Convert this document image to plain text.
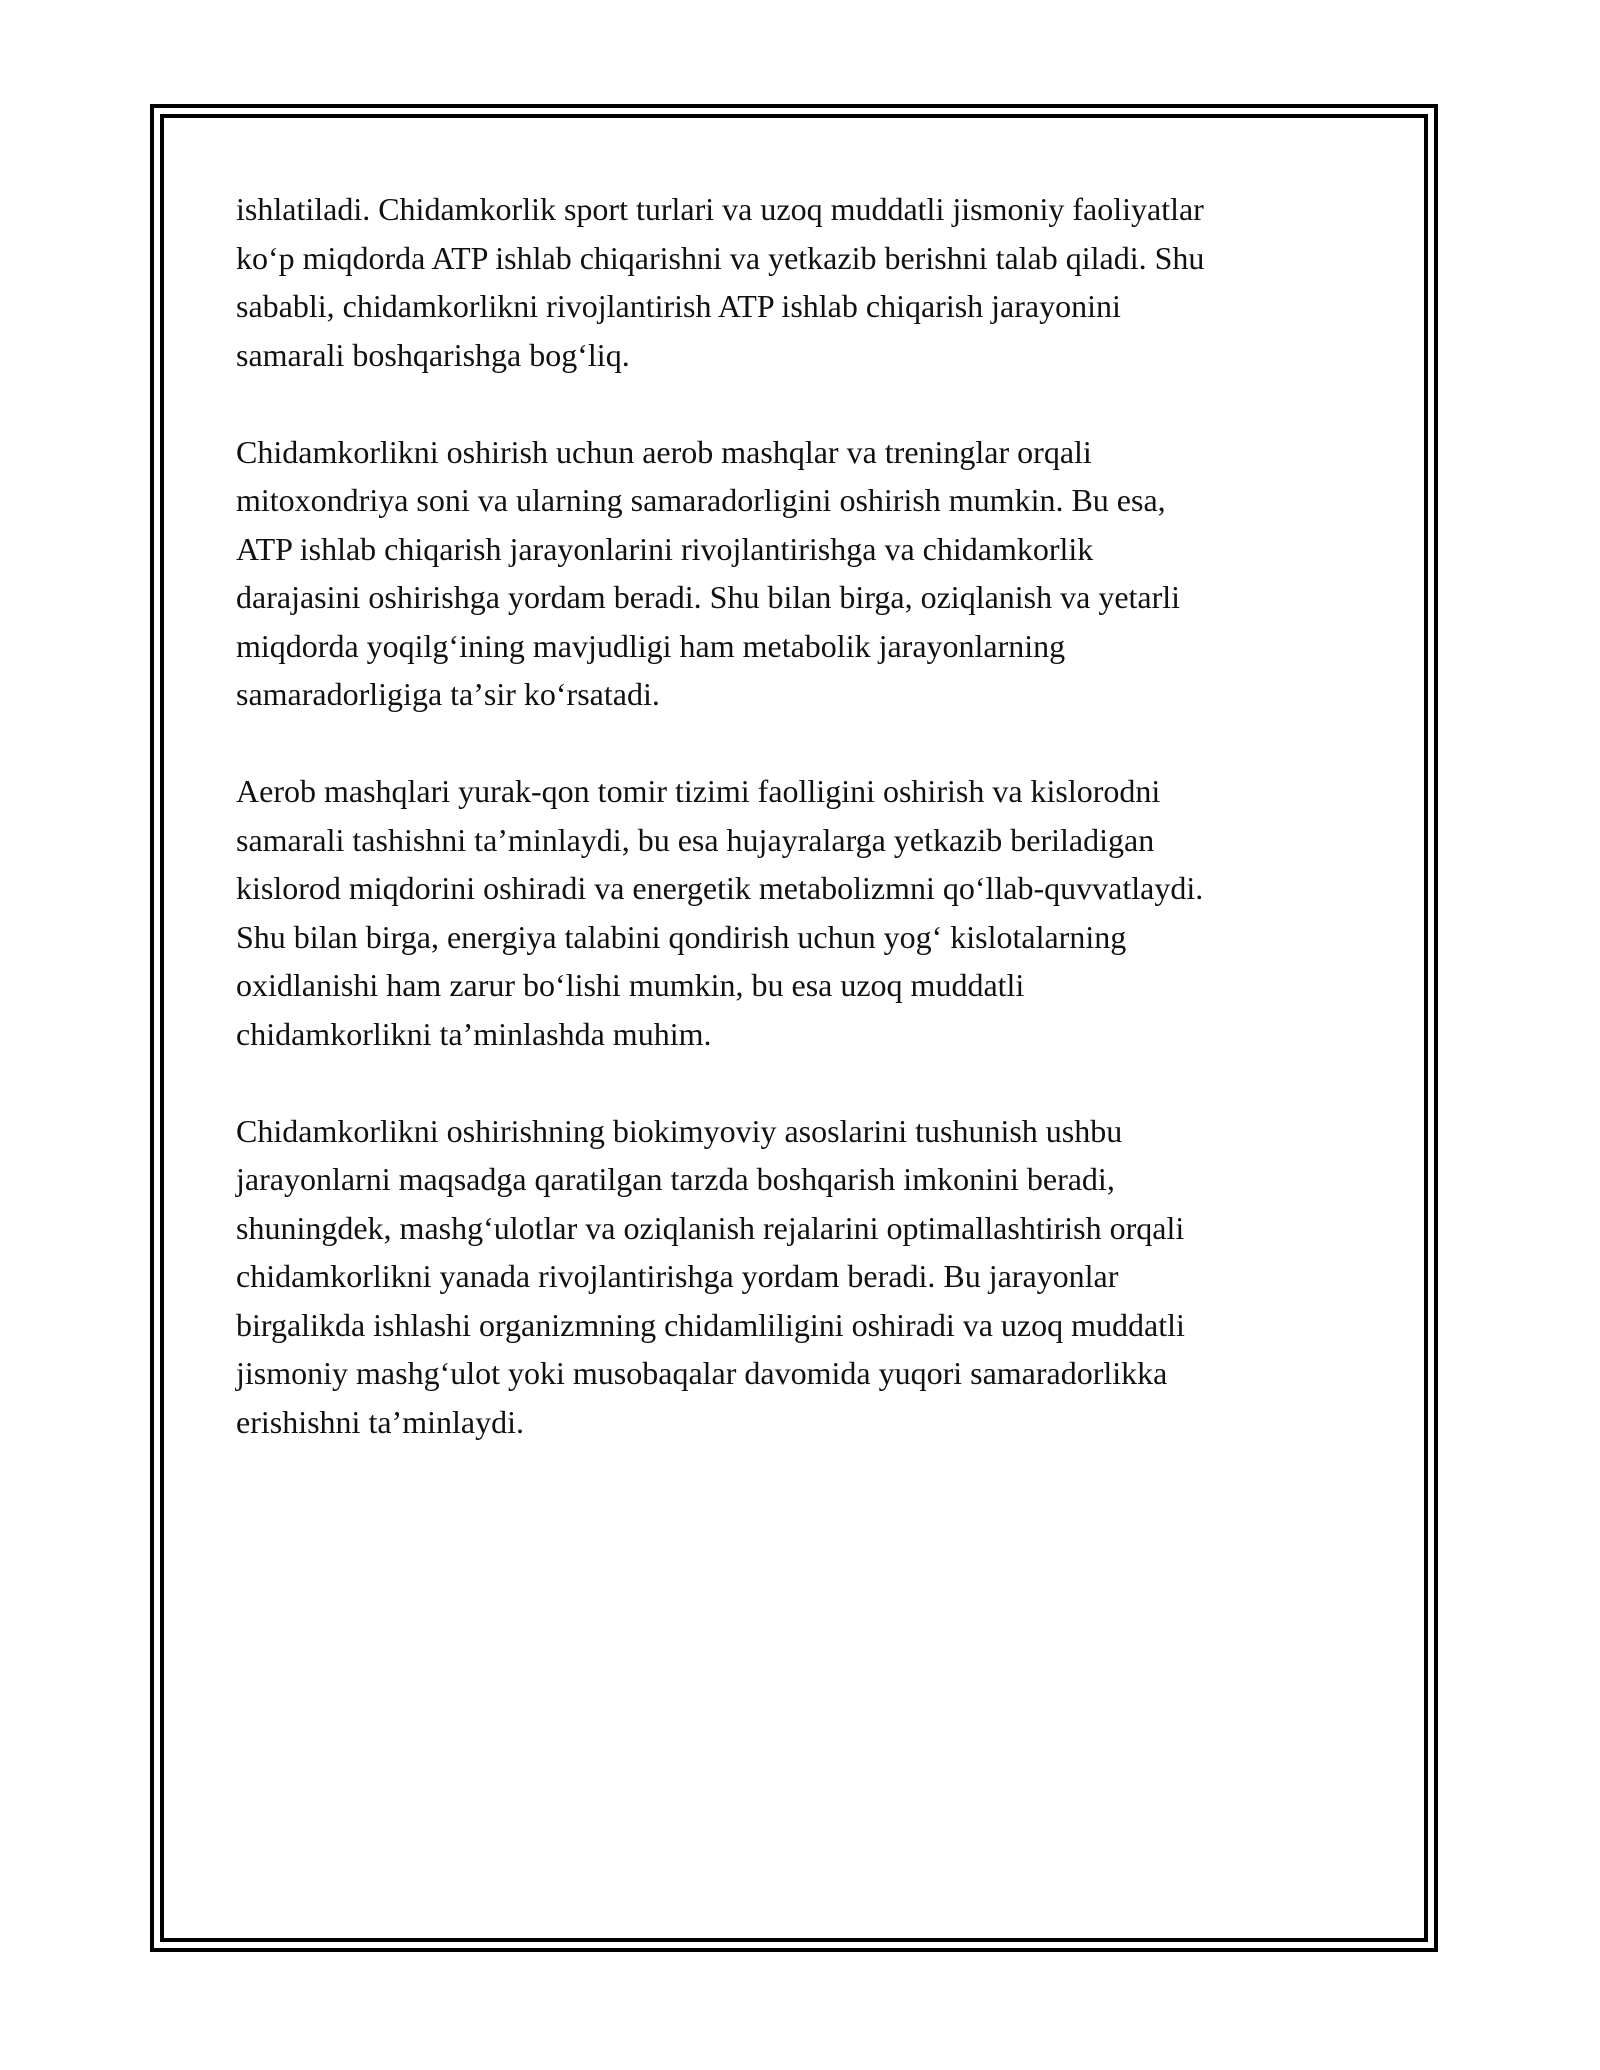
ishlatiladi. Chidamkorlik sport turlari va uzoq muddatli jismoniy faoliyatlar
koʻp miqdorda ATP ishlab chiqarishni va yetkazib berishni talab qiladi. Shu
sababli, chidamkorlikni rivojlantirish ATP ishlab chiqarish jarayonini
samarali boshqarishga bogʻliq.
Chidamkorlikni oshirish uchun aerob mashqlar va treninglar orqali
mitoxondriya soni va ularning samaradorligini oshirish mumkin. Bu esa,
ATP ishlab chiqarish jarayonlarini rivojlantirishga va chidamkorlik
darajasini oshirishga yordam beradi. Shu bilan birga, oziqlanish va yetarli
miqdorda yoqilgʻining mavjudligi ham metabolik jarayonlarning
samaradorligiga taʼsir koʻrsatadi.
Aerob mashqlari yurak-qon tomir tizimi faolligini oshirish va kislorodni
samarali tashishni taʼminlaydi, bu esa hujayralarga yetkazib beriladigan
kislorod miqdorini oshiradi va energetik metabolizmni qoʻllab-quvvatlaydi.
Shu bilan birga, energiya talabini qondirish uchun yogʻ kislotalarning
oxidlanishi ham zarur boʻlishi mumkin, bu esa uzoq muddatli
chidamkorlikni taʼminlashda muhim.
Chidamkorlikni oshirishning biokimyoviy asoslarini tushunish ushbu
jarayonlarni maqsadga qaratilgan tarzda boshqarish imkonini beradi,
shuningdek, mashgʻulotlar va oziqlanish rejalarini optimallashtirish orqali
chidamkorlikni yanada rivojlantirishga yordam beradi. Bu jarayonlar
birgalikda ishlashi organizmning chidamliligini oshiradi va uzoq muddatli
jismoniy mashgʻulot yoki musobaqalar davomida yuqori samaradorlikka
erishishni taʼminlaydi.
